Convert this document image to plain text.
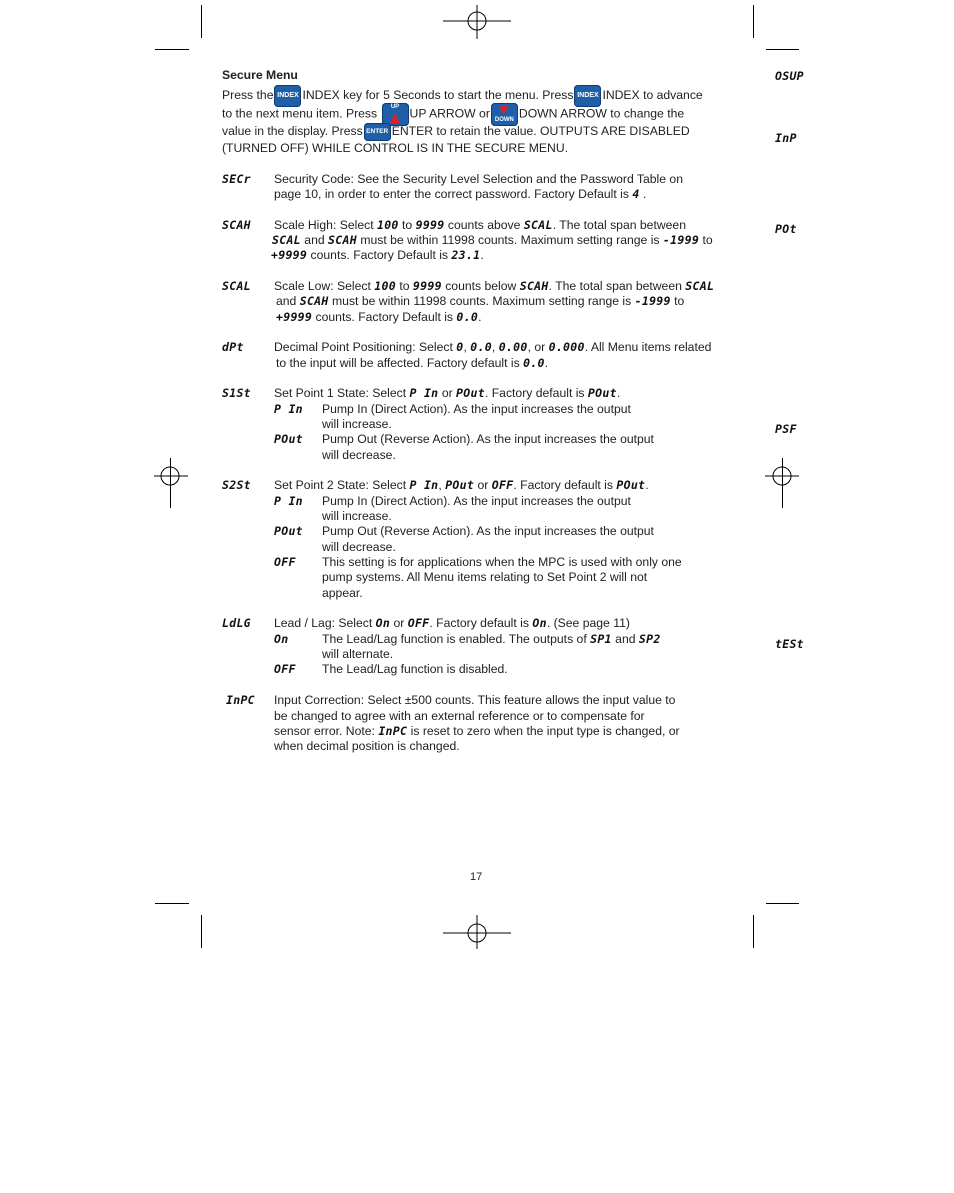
Secure Menu
Press the INDEX INDEX key for 5 Seconds to start the menu. Press INDEX INDEX to advance
to the next menu item. Press	UP UP ARROW or DOWN DOWN ARROW to change the
value in the display. Press ENTER ENTER to retain the value. OUTPUTS ARE DISABLED
(TURNED OFF) WHILE CONTROL IS IN THE SECURE MENU.
OSUP
InP
POt
PSF
tESt
SECr Security Code: See the Security Level Selection and the Password Table on
page 10, in order to enter the correct password. Factory Default is 4 .
SCAH Scale High: Select 100 to 9999 counts above SCAL. The total span between
SCAL and SCAH must be within 11998 counts. Maximum setting range is -1999 to
+9999 counts. Factory Default is 23.1.
SCAL Scale Low: Select 100 to 9999 counts below SCAH. The total span between SCAL
and SCAH must be within 11998 counts. Maximum setting range is -1999 to
+9999 counts. Factory Default is 0.0.
dPt Decimal Point Positioning: Select 0, 0.0, 0.00, or 0.000. All Menu items related
to the input will be affected. Factory default is 0.0.
S1St Set Point 1 State: Select P In or POut. Factory default is POut.
P In Pump In (Direct Action). As the input increases the output
will increase.
POut Pump Out (Reverse Action). As the input increases the output
will decrease.
S2St Set Point 2 State: Select P In, POut or OFF. Factory default is POut.
P In Pump In (Direct Action). As the input increases the output
will increase.
POut Pump Out (Reverse Action). As the input increases the output
will decrease.
OFF This setting is for applications when the MPC is used with only one
pump systems. All Menu items relating to Set Point 2 will not
appear.
LdLG Lead / Lag: Select On or OFF. Factory default is On. (See page 11)
On	The Lead/Lag function is enabled. The outputs of SP1 and SP2
will alternate.
OFF The Lead/Lag function is disabled.
InPC Input Correction: Select ±500 counts. This feature allows the input value to
be changed to agree with an external reference or to compensate for
sensor error. Note: InPC is reset to zero when the input type is changed, or
when decimal position is changed.
17
